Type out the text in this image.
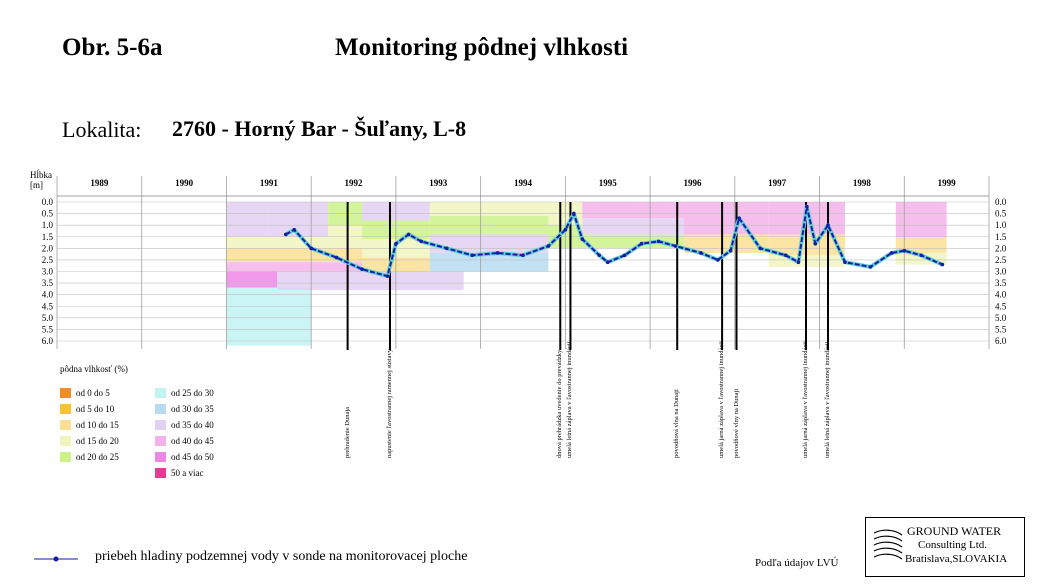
Obr. 5-6a	Monitoring pôdnej vlhkosti
Lokalita: 2760 - Horný Bar - Šuľany, L-8
Hĺbka
[m]
0.0	0.0
0.5	0.5
1.0	1.0
1.5	1.5
2.0	2.0
2.5	2.5
3.0	3.0
3.5	3.5
4.0	4.0
4.5	4.5
5.0	5.0
5.5	5.5
6.0	6.0
1989	1990	1991	1992	1993	1994	1995	1996	1997	1998	1999
prehradenie Dunaja	napustenie ľavostrannej ramennej sústavy	dnová prehrádzka uvedenie do prevádzky umelá letná záplava v ľavostrannej inundácii	povodňová vlna na Dunaji	umelá jarná záplava v ľavostrannej inundácii povodňové vlny na Dunaji	umelá jarná záplava v ľavostrannej inundácii umelá letná záplava v ľavostrannej inundácii
pôdna vlhkosť (%)
od 0 do 5
od 5 do 10
od 10 do 15
od 15 do 20
od 20 do 25
od 25 do 30
od 30 do 35
od 35 do 40
od 40 do 45
od 45 do 50
50 a viac
priebeh hladiny podzemnej vody v sonde na monitorovacej ploche	Podľa údajov LVÚ
GROUND WATER
Consulting Ltd.
Bratislava,SLOVAKIA
